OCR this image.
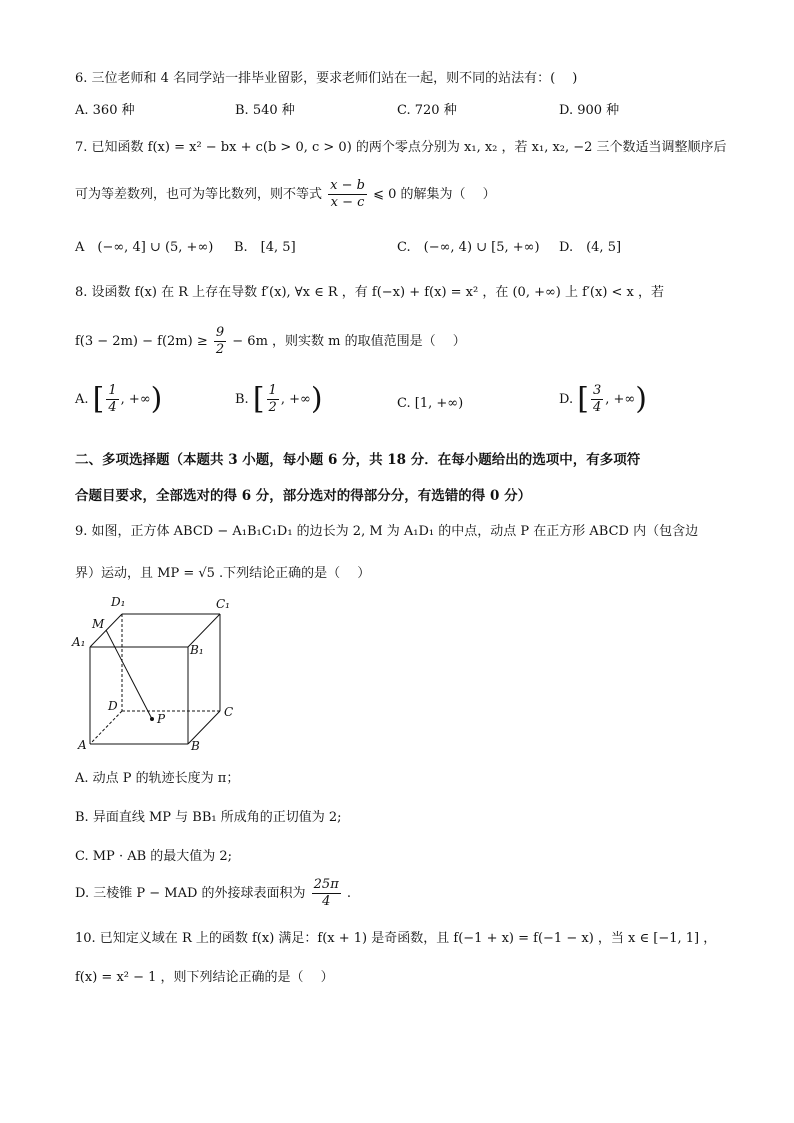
6. 三位老师和 4 名同学站一排毕业留影，要求老师们站在一起，则不同的站法有：(　 )
A. 360 种	B. 540 种	C. 720 种	D. 900 种
7. 已知函数 f(x) = x² − bx + c(b > 0, c > 0) 的两个零点分别为 x₁, x₂ ，若 x₁, x₂, −2 三个数适当调整顺序后
可为等差数列，也可为等比数列，则不等式 $\frac{x - b}{x - c}$ ⩽ 0 的解集为（　 ）
A　(−∞, 4] ∪ (5, +∞) B.　[4, 5]	C.　(−∞, 4) ∪ [5, +∞) D.　(4, 5]
8. 设函数 f(x) 在 R 上存在导数 f′(x), ∀x ∈ R ，有 f(−x) + f(x) = x² ，在 (0, +∞) 上 f′(x) < x ，若
$f(3 - 2m) - f(2m) \ge \frac{9}{2} - 6m$ ，则实数 m 的取值范围是（　 ）
A. [ $\frac{1}{4}$ , +∞)	B. [ $\frac{1}{2}$ , +∞)	C. [1, +∞)	D. [ $\frac{3}{4}$ , +∞)
二、多项选择题（本题共 3 小题，每小题 6 分，共 18 分．在每小题给出的选项中，有多项符
合题目要求，全部选对的得 6 分，部分选对的得部分分，有选错的得 0 分）
9. 如图，正方体 ABCD − A₁B₁C₁D₁ 的边长为 2, M 为 A₁D₁ 的中点，动点 P 在正方形 ABCD 内（包含边
界）运动，且 MP = √5 .下列结论正确的是（　 ）
D₁	C₁
M
A₁
B₁
D	C
P
A	B
A. 动点 P 的轨迹长度为 π；
B. 异面直线 MP 与 BB₁ 所成角的正切值为 2;
C. MP · AB 的最大值为 2;
D. 三棱锥 P − MAD 的外接球表面积为 $\frac{25\pi}{4}$ .
10. 已知定义域在 R 上的函数 f(x) 满足：f(x + 1) 是奇函数，且 f(−1 + x) = f(−1 − x) ，当 x ∈ [−1, 1] ，
f(x) = x² − 1 ，则下列结论正确的是（　 ）
